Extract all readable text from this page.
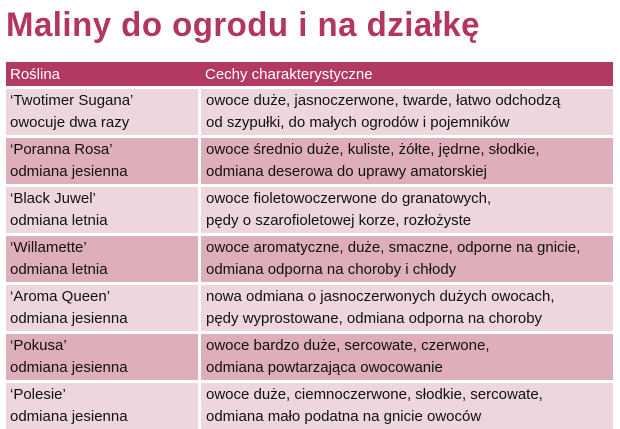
Maliny do ogrodu i na działkę
Roślina	Cechy charakterystyczne
‘Twotimer Sugana’
owocuje dwa razy
owoce duże, jasnoczerwone, twarde, łatwo odchodzą
od szypułki, do małych ogrodów i pojemników
‘Poranna Rosa’
odmiana jesienna
owoce średnio duże, kuliste, żółte, jędrne, słodkie,
odmiana deserowa do uprawy amatorskiej
‘Black Juwel’
odmiana letnia
owoce fioletowoczerwone do granatowych,
pędy o szarofioletowej korze, rozłożyste
‘Willamette’
odmiana letnia
owoce aromatyczne, duże, smaczne, odporne na gnicie,
odmiana odporna na choroby i chłody
‘Aroma Queen’
odmiana jesienna
nowa odmiana o jasnoczerwonych dużych owocach,
pędy wyprostowane, odmiana odporna na choroby
‘Pokusa’
odmiana jesienna
owoce bardzo duże, sercowate, czerwone,
odmiana powtarzająca owocowanie
‘Polesie’
odmiana jesienna
owoce duże, ciemnoczerwone, słodkie, sercowate,
odmiana mało podatna na gnicie owoców
